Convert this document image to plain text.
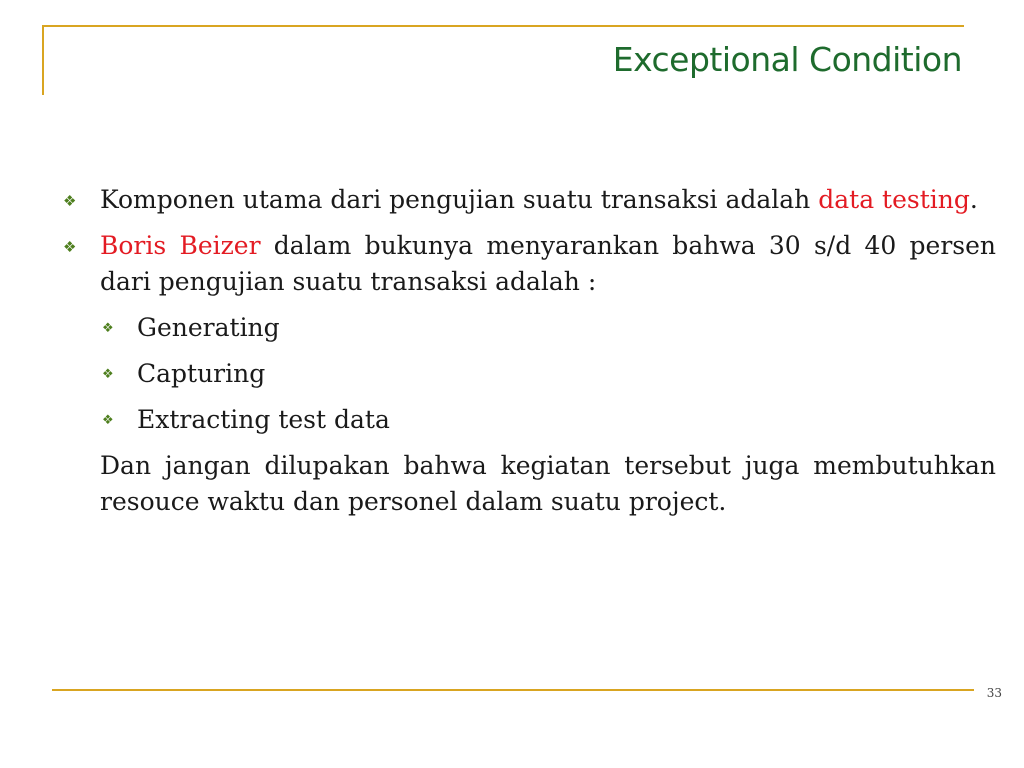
Exceptional Condition
❖ Komponen utama dari pengujian suatu transaksi adalah data testing.
❖ Boris Beizer dalam bukunya menyarankan bahwa 30 s/d 40 persen dari pengujian suatu transaksi adalah :
❖ Generating
❖ Capturing
❖ Extracting test data
Dan jangan dilupakan bahwa kegiatan tersebut juga membutuhkan resouce waktu dan personel dalam suatu project.
33
